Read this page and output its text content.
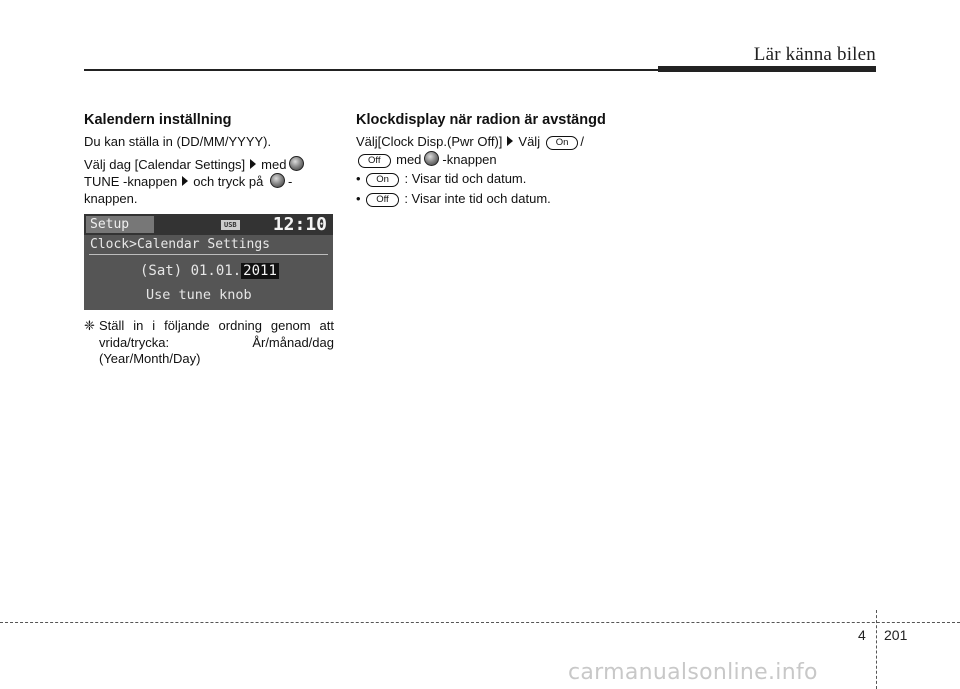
Lär känna bilen
Kalendern inställning

Du kan ställa in (DD/MM/YYYY).

Välj dag [Calendar Settings] med
TUNE -knappen och tryck på -
knappen.

Setup	USB 12:10
Clock>Calendar Settings
(Sat) 01.01. 2011
Use tune knob
❈ Ställ in i följande ordning genom att vrida/trycka: År/månad/dag (Year/Month/Day)
Klockdisplay när radion är avstängd

Välj[Clock Disp.(Pwr Off)] Välj On /
Off med -knappen

• On : Visar tid och datum.

• Off : Visar inte tid och datum.

4 201
carmanualsonline.info
